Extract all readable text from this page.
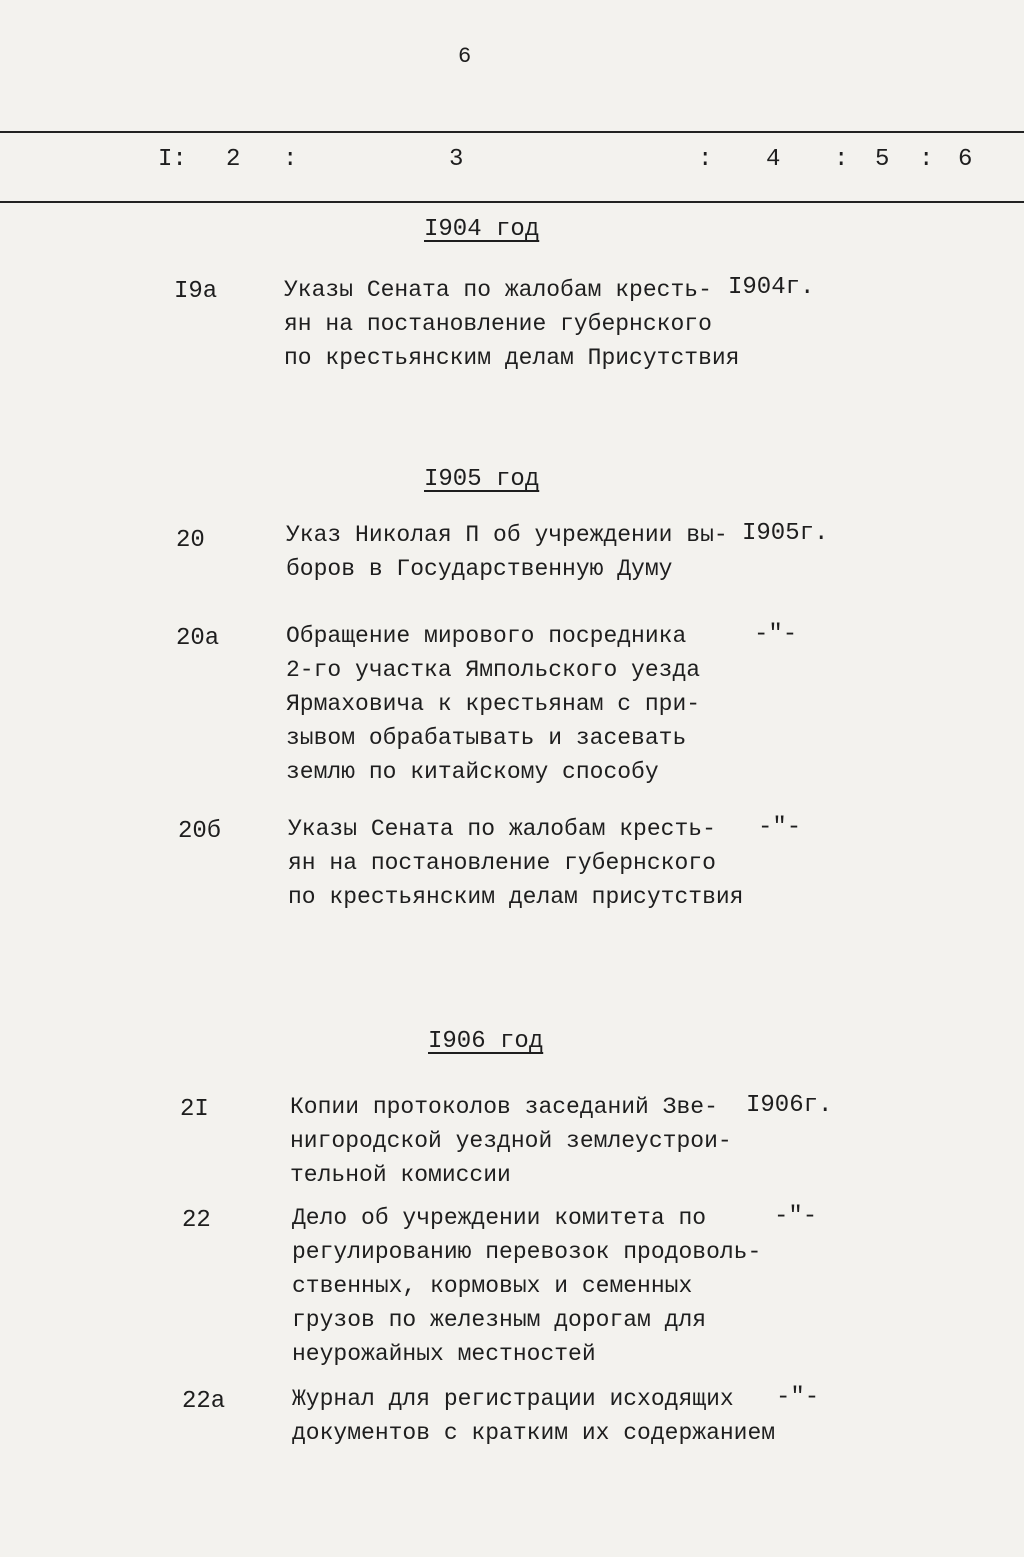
6
I: 2 :	3	: 4 : 5 : 6
I904 год
I9а	Указы Сената по жалобам кресть-
ян на постановление губернского
по крестьянским делам Присутствия
I904г.
I905 год
20	Указ Николая П об учреждении вы-
боров в Государственную Думу
I905г.
20а	Обращение мирового посредника
2-го участка Ямпольского уезда
Ярмаховича к крестьянам с при-
зывом обрабатывать и засевать
землю по китайскому способу
-"-
20б	Указы Сената по жалобам кресть-
ян на постановление губернского
по крестьянским делам присутствия
-"-
I906 год
2I	Копии протоколов заседаний Зве-
нигородской уездной землеустрои-
тельной комиссии
I906г.
22	Дело об учреждении комитета по
регулированию перевозок продоволь-
ственных, кормовых и семенных
грузов по железным дорогам для
неурожайных местностей
-"-
22а	Журнал для регистрации исходящих
документов с кратким их содержанием
-"-
